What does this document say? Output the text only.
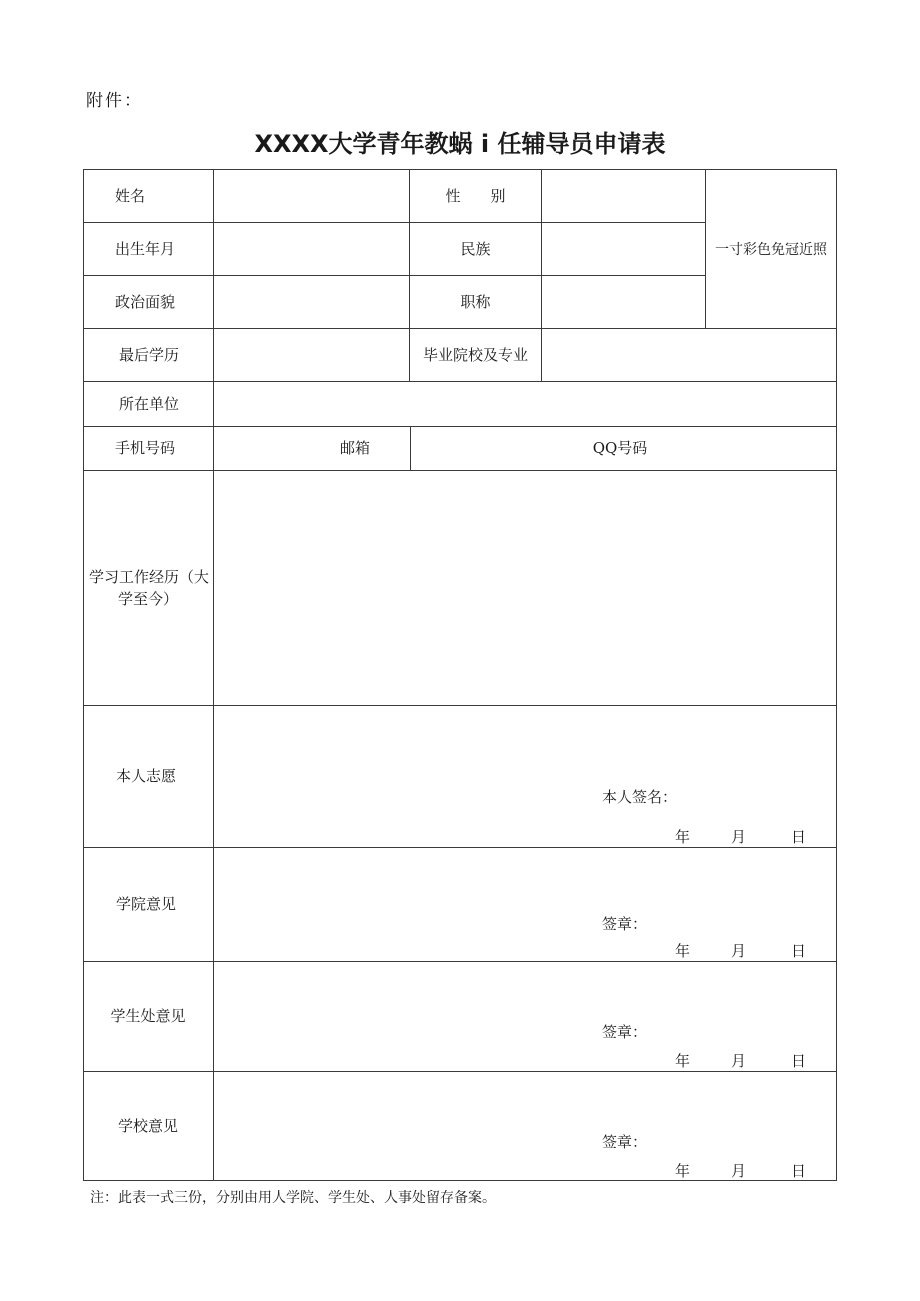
附件：
XXXX大学青年教蜗 i 任辅导员申请表
姓名	性　　别
一寸彩色免冠近照
出生年月	民族
政治面貌	职称
最后学历	毕业院校及专业
所在单位
手机号码	邮箱	QQ号码
学习工作经历（大
学至今）
本人志愿
本人签名：
年	月	日
学院意见
签章：
年	月	日
学生处意见
签章：
年	月	日
学校意见
签章：
年	月	日
注：此表一式三份，分别由用人学院、学生处、人事处留存备案。
